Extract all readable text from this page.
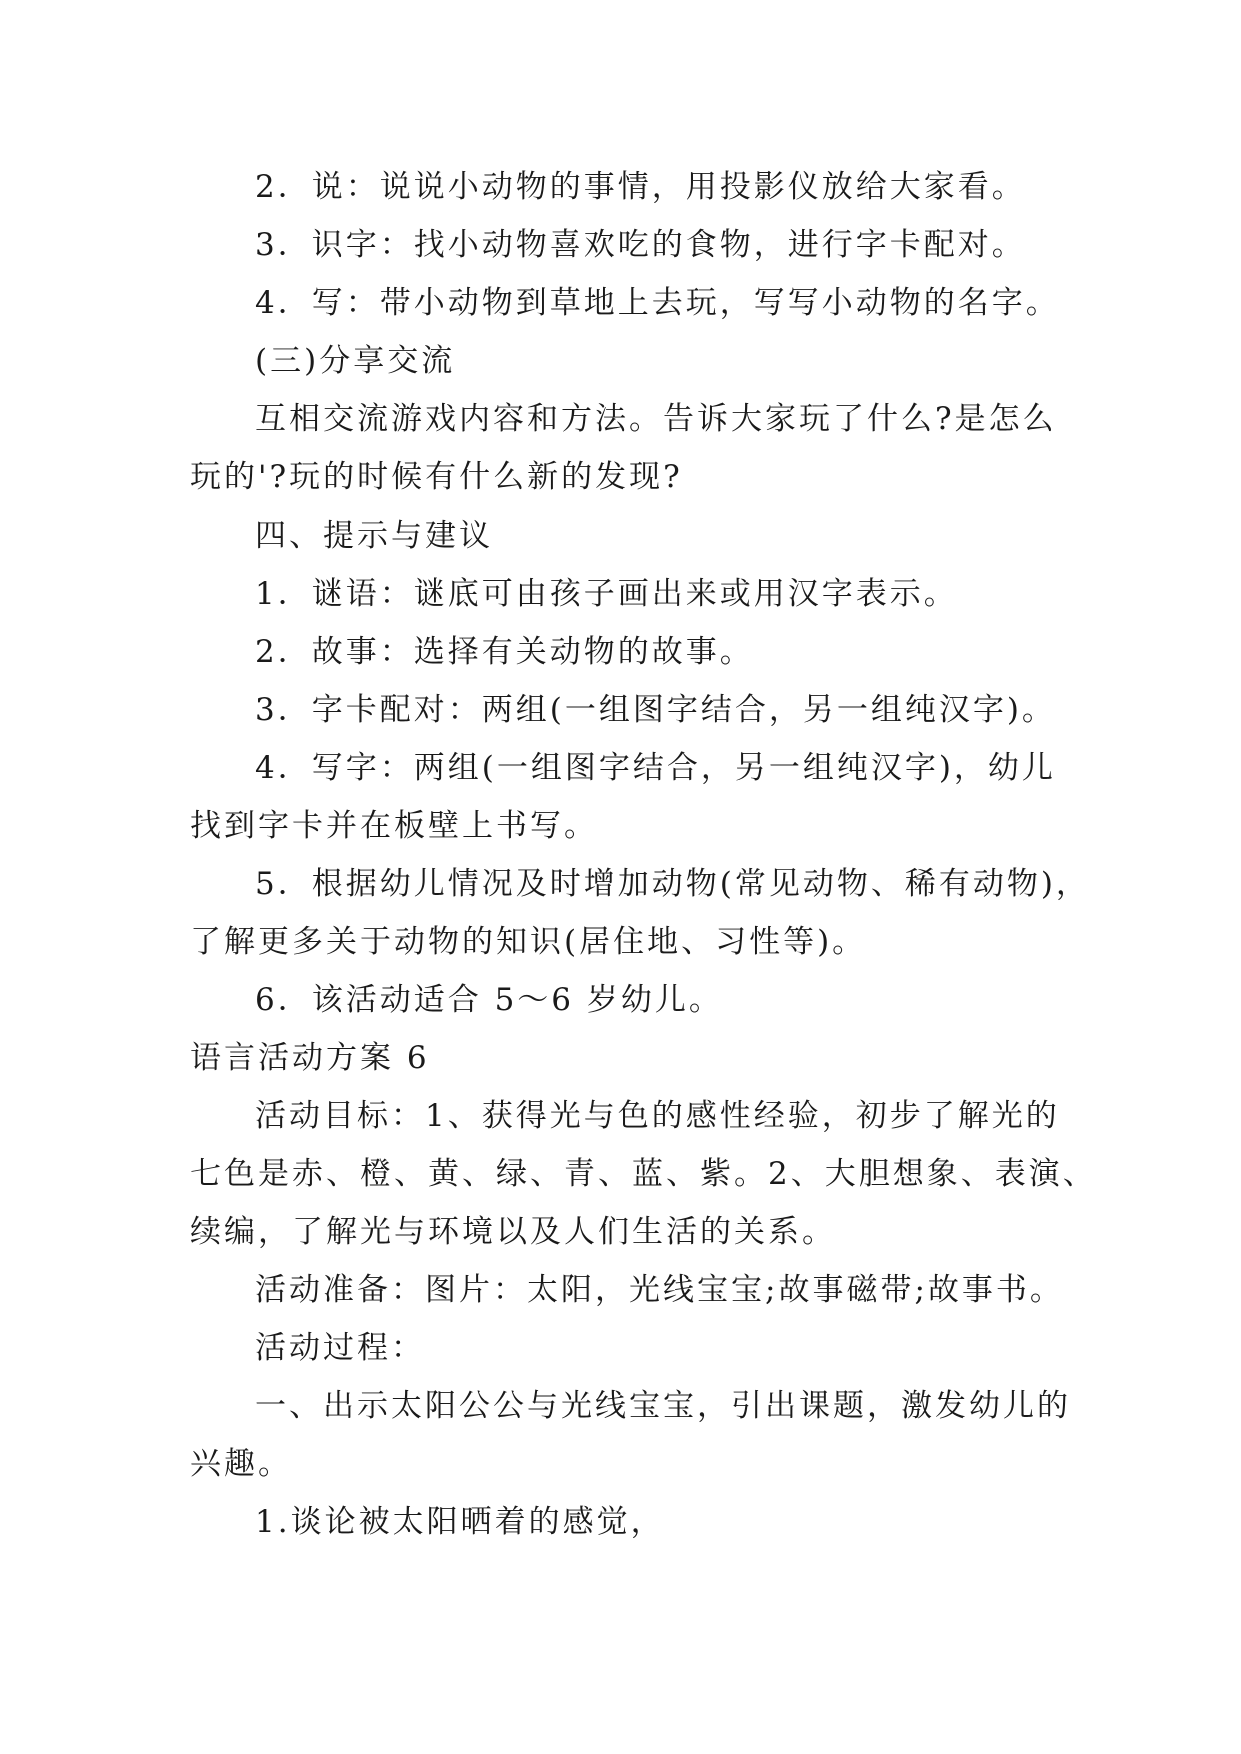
2．说：说说小动物的事情，用投影仪放给大家看。
3．识字：找小动物喜欢吃的食物，进行字卡配对。
4．写：带小动物到草地上去玩，写写小动物的名字。
(三)分享交流
互相交流游戏内容和方法。告诉大家玩了什么?是怎么
玩的'?玩的时候有什么新的发现?
四、提示与建议
1．谜语：谜底可由孩子画出来或用汉字表示。
2．故事：选择有关动物的故事。
3．字卡配对：两组(一组图字结合，另一组纯汉字)。
4．写字：两组(一组图字结合，另一组纯汉字)，幼儿
找到字卡并在板壁上书写。
5．根据幼儿情况及时增加动物(常见动物、稀有动物)，
了解更多关于动物的知识(居住地、习性等)。
6．该活动适合 5～6 岁幼儿。
语言活动方案 6
活动目标：1、获得光与色的感性经验，初步了解光的
七色是赤、橙、黄、绿、青、蓝、紫。2、大胆想象、表演、
续编，了解光与环境以及人们生活的关系。
活动准备：图片：太阳，光线宝宝;故事磁带;故事书。
活动过程：
一、出示太阳公公与光线宝宝，引出课题，激发幼儿的
兴趣。
1.谈论被太阳晒着的感觉，
